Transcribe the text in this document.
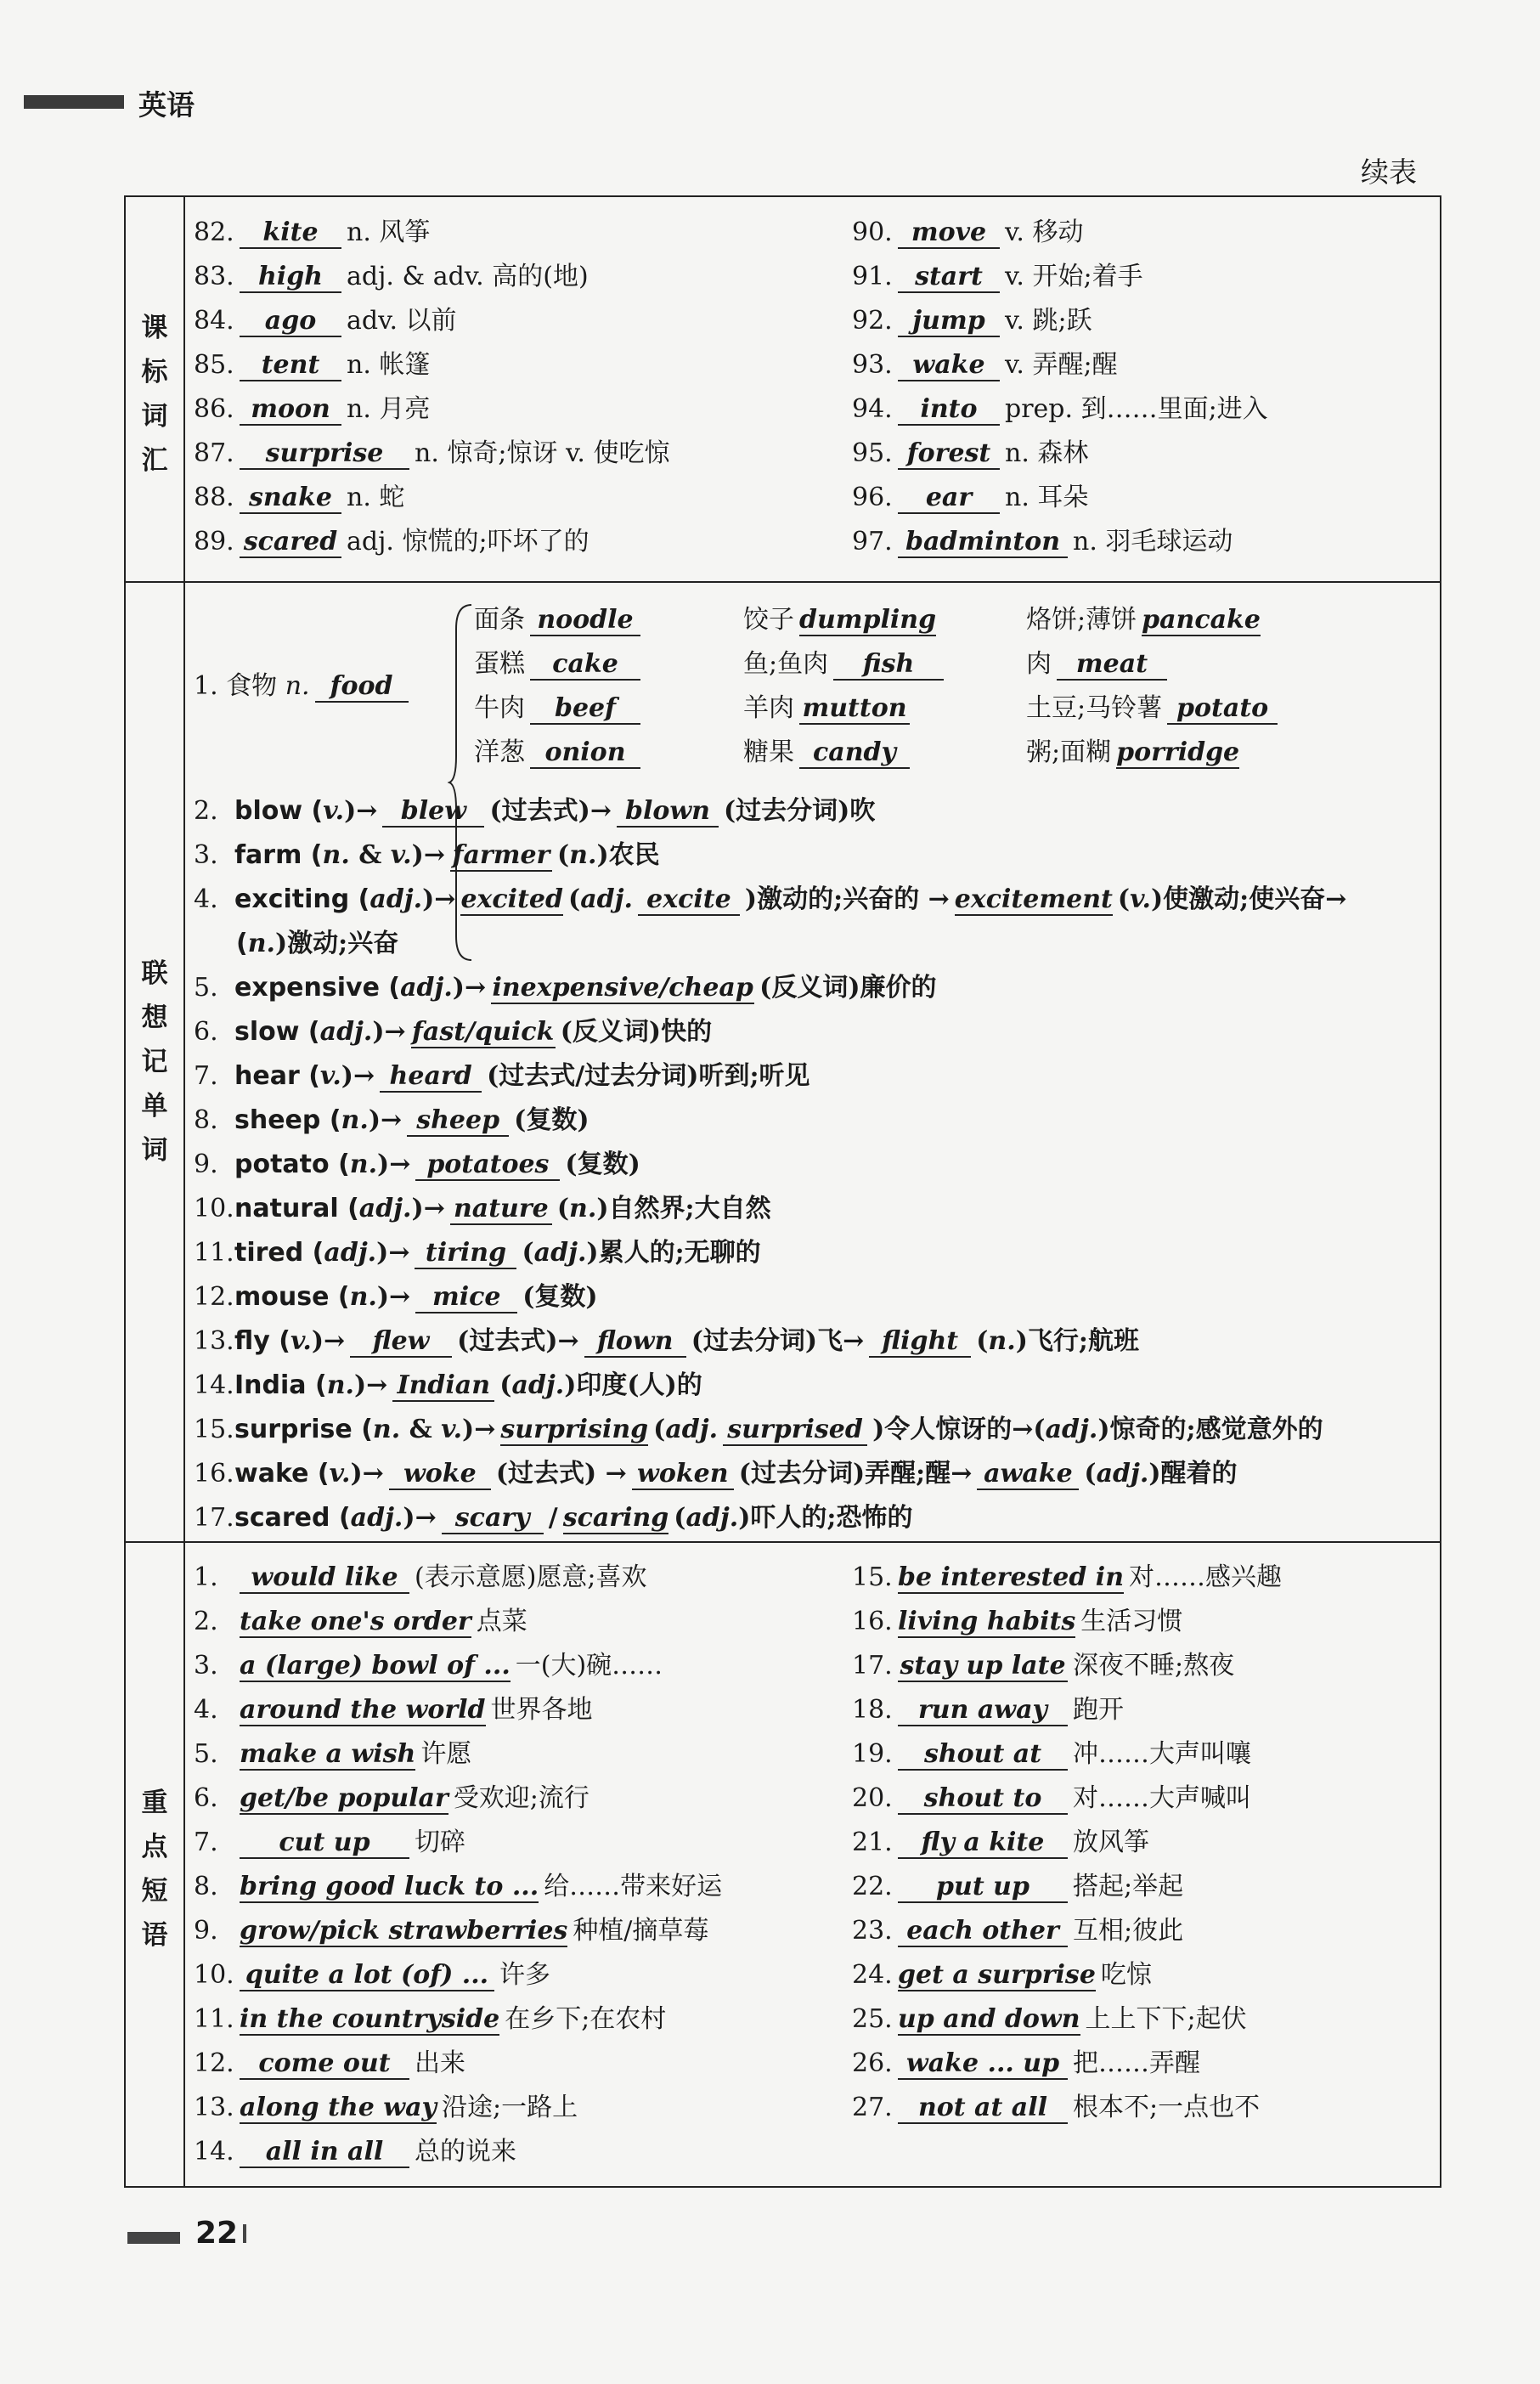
英语
续表
课
标
词
汇
联
想
记
单
词
重
点
短
语
82. kite n. 风筝
83. high adj. & adv. 高的(地)
84. ago adv. 以前
85. tent n. 帐篷
86. moon n. 月亮
87. surprise n. 惊奇;惊讶 v. 使吃惊
88. snake n. 蛇
89. scared adj. 惊慌的;吓坏了的
90. move v. 移动
91. start v. 开始;着手
92. jump v. 跳;跃
93. wake v. 弄醒;醒
94. into prep. 到……里面;进入
95. forest n. 森林
96. ear n. 耳朵
97. badminton n. 羽毛球运动
1. 食物 n. food
面条 noodle	饺子 dumpling	烙饼;薄饼 pancake
蛋糕 cake	鱼;鱼肉 fish	肉 meat
牛肉 beef	羊肉 mutton	土豆;马铃薯 potato
洋葱 onion	糖果 candy	粥;面糊 porridge
2. blow (v.)→ blew (过去式)→ blown (过去分词)吹
3. farm (n. & v.)→ farmer (n.)农民
4. exciting (adj.)→ excited (adj. excite )激动的;兴奋的 → excitement (v.)使激动;使兴奋→
(n.)激动;兴奋
5. expensive (adj.)→ inexpensive/cheap (反义词)廉价的
6. slow (adj.)→ fast/quick (反义词)快的
7. hear (v.)→ heard (过去式/过去分词)听到;听见
8. sheep (n.)→ sheep (复数)
9. potato (n.)→ potatoes (复数)
10.natural (adj.)→ nature (n.)自然界;大自然
11.tired (adj.)→ tiring (adj.)累人的;无聊的
12.mouse (n.)→ mice (复数)
13.fly (v.)→ flew (过去式)→ flown (过去分词)飞→ flight (n.)飞行;航班
14.India (n.)→ Indian (adj.)印度(人)的
15.surprise (n. & v.)→ surprising (adj. surprised )令人惊讶的→(adj.)惊奇的;感觉意外的
16.wake (v.)→ woke (过去式) → woken (过去分词)弄醒;醒→ awake (adj.)醒着的
17.scared (adj.)→ scary / scaring (adj.)吓人的;恐怖的
1. would like (表示意愿)愿意;喜欢
2. take one's order 点菜
3. a (large) bowl of ... 一(大)碗……
4. around the world 世界各地
5. make a wish 许愿
6. get/be popular 受欢迎;流行
7. cut up 切碎
8. bring good luck to ... 给……带来好运
9. grow/pick strawberries 种植/摘草莓
10. quite a lot (of) ... 许多
11. in the countryside 在乡下;在农村
12. come out 出来
13. along the way 沿途;一路上
14. all in all 总的说来
15. be interested in 对……感兴趣
16. living habits 生活习惯
17. stay up late 深夜不睡;熬夜
18. run away 跑开
19. shout at 冲……大声叫嚷
20. shout to 对……大声喊叫
21. fly a kite 放风筝
22. put up 搭起;举起
23. each other 互相;彼此
24. get a surprise 吃惊
25. up and down 上上下下;起伏
26. wake ... up 把……弄醒
27. not at all 根本不;一点也不
22
